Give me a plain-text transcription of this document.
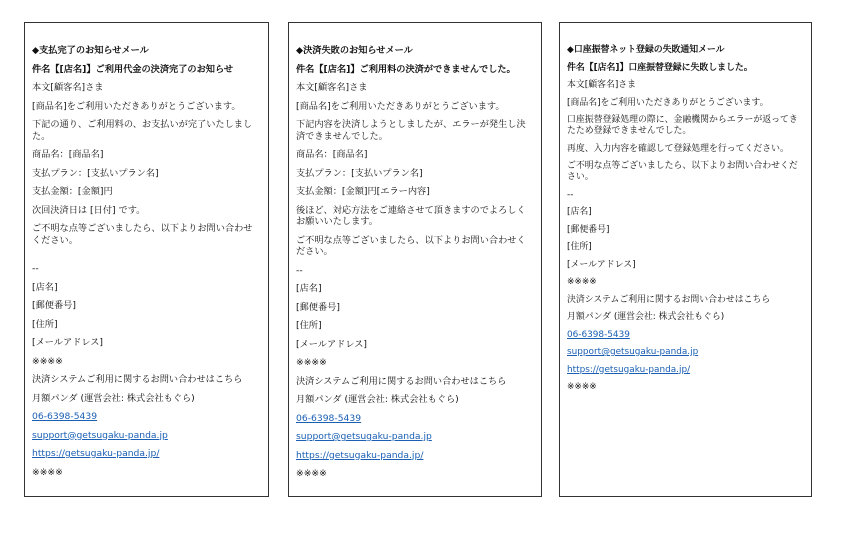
◆支払完了のお知らせメール
件名【[店名]】ご利用代金の決済完了のお知らせ
本文[顧客名]さま
[商品名]をご利用いただきありがとうございます。
下記の通り、ご利用料の、お支払いが完了いたしました。
商品名：[商品名]
支払プラン：[支払いプラン名]
支払金額：[金額]円
次回決済日は [日付] です。
ご不明な点等ございましたら、以下よりお問い合わせください。
--
[店名]
[郵便番号]
[住所]
[メールアドレス]
※※※※
決済システムご利用に関するお問い合わせはこちら
月額パンダ (運営会社: 株式会社もぐら)
06-6398-5439
support@getsugaku-panda.jp
https://getsugaku-panda.jp/
※※※※
◆決済失敗のお知らせメール
件名【[店名]】ご利用料の決済ができませんでした。
本文[顧客名]さま
[商品名]をご利用いただきありがとうございます。
下記内容を決済しようとしましたが、エラーが発生し決済できませんでした。
商品名：[商品名]
支払プラン：[支払いプラン名]
支払金額：[金額]円[エラー内容]
後ほど、対応方法をご連絡させて頂きますのでよろしくお願いいたします。
ご不明な点等ございましたら、以下よりお問い合わせください。
--
[店名]
[郵便番号]
[住所]
[メールアドレス]
※※※※
決済システムご利用に関するお問い合わせはこちら
月額パンダ (運営会社: 株式会社もぐら)
06-6398-5439
support@getsugaku-panda.jp
https://getsugaku-panda.jp/
※※※※
◆口座振替ネット登録の失敗通知メール
件名【[店名]】口座振替登録に失敗しました。
本文[顧客名]さま
[商品名]をご利用いただきありがとうございます。
口座振替登録処理の際に、金融機関からエラーが返ってきたため登録できませんでした。
再度、入力内容を確認して登録処理を行ってください。
ご不明な点等ございましたら、以下よりお問い合わせください。
--
[店名]
[郵便番号]
[住所]
[メールアドレス]
※※※※
決済システムご利用に関するお問い合わせはこちら
月額パンダ (運営会社: 株式会社もぐら)
06-6398-5439
support@getsugaku-panda.jp
https://getsugaku-panda.jp/
※※※※
